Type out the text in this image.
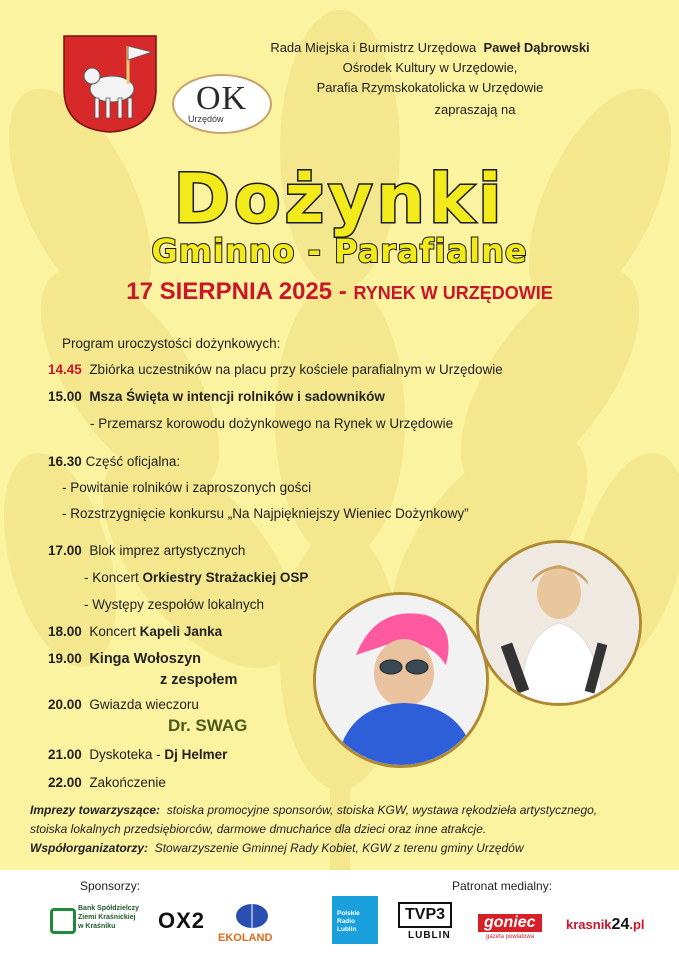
OK
Urzędów
Rada Miejska i Burmistrz Urzędowa Paweł Dąbrowski
Ośrodek Kultury w Urzędowie,
Parafia Rzymskokatolicka w Urzędowie
zapraszają na
Dożynki
Gminno - Parafialne
17 SIERPNIA 2025 - RYNEK W URZĘDOWIE
Program uroczystości dożynkowych:
14.45 Zbiórka uczestników na placu przy kościele parafialnym w Urzędowie
15.00 Msza Święta w intencji rolników i sadowników
- Przemarsz korowodu dożynkowego na Rynek w Urzędowie
16.30 Część oficjalna:
- Powitanie rolników i zaproszonych gości
- Rozstrzygnięcie konkursu „Na Najpiękniejszy Wieniec Dożynkowy”
17.00 Blok imprez artystycznych
- Koncert Orkiestry Strażackiej OSP
- Występy zespołów lokalnych
18.00 Koncert Kapeli Janka
19.00 Kinga Wołoszyn
z zespołem
20.00 Gwiazda wieczoru
Dr. SWAG
21.00 Dyskoteka - Dj Helmer
22.00 Zakończenie
Imprezy towarzyszące: stoiska promocyjne sponsorów, stoiska KGW, wystawa rękodzieła artystycznego,
stoiska lokalnych przedsiębiorców, darmowe dmuchańce dla dzieci oraz inne atrakcje.
Współorganizatorzy: Stowarzyszenie Gminnej Rady Kobiet, KGW z terenu gminy Urzędów
Sponsorzy:	Patronat medialny:
Bank Spółdzielczy
Ziemi Kraśnickiej
w Kraśniku	OX2
EKOLAND
Polskie
Radio
Lublin
TVP3
LUBLIN
goniec
gazeta powiatowa
krasnik24.pl
